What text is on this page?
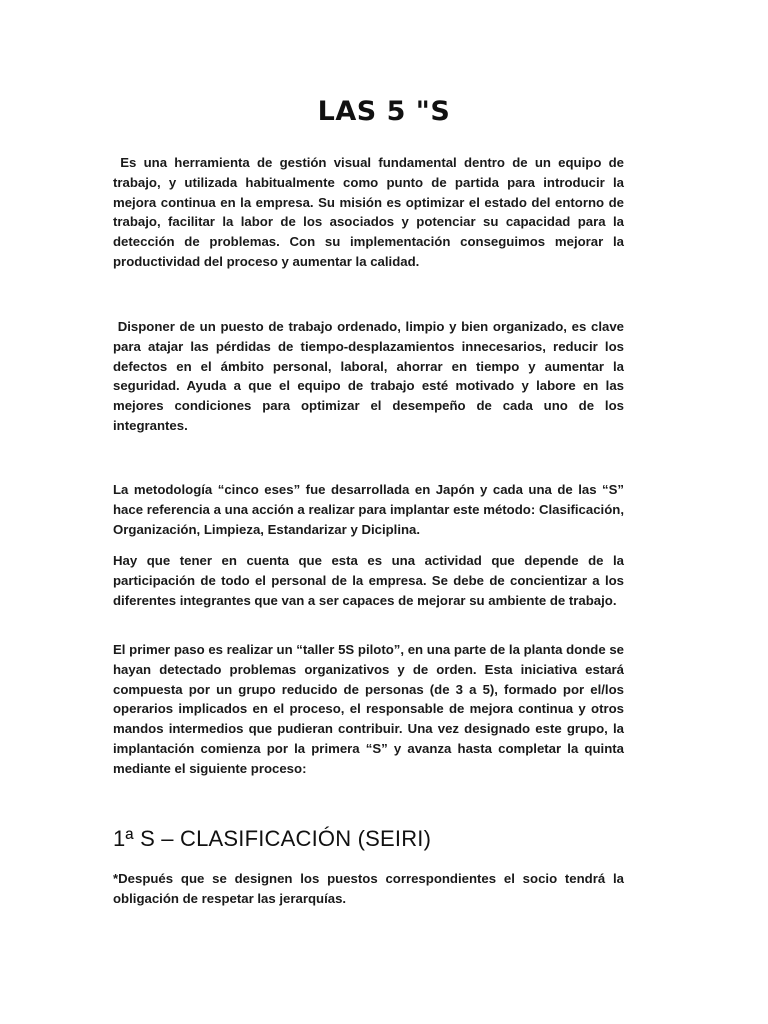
LAS 5 "S

Es una herramienta de gestión visual fundamental dentro de un equipo de trabajo, y utilizada habitualmente como punto de partida para introducir la mejora continua en la empresa. Su misión es optimizar el estado del entorno de trabajo, facilitar la labor de los asociados y potenciar su capacidad para la detección de problemas. Con su implementación conseguimos mejorar la productividad del proceso y aumentar la calidad.

Disponer de un puesto de trabajo ordenado, limpio y bien organizado, es clave para atajar las pérdidas de tiempo-desplazamientos innecesarios, reducir los defectos en el ámbito personal, laboral, ahorrar en tiempo y aumentar la seguridad. Ayuda a que el equipo de trabajo esté motivado y labore en las mejores condiciones para optimizar el desempeño de cada uno de los integrantes.

La metodología “cinco eses” fue desarrollada en Japón y cada una de las “S” hace referencia a una acción a realizar para implantar este método: Clasificación, Organización, Limpieza, Estandarizar y Diciplina.

Hay que tener en cuenta que esta es una actividad que depende de la participación de todo el personal de la empresa. Se debe de concientizar a los diferentes integrantes que van a ser capaces de mejorar su ambiente de trabajo.

El primer paso es realizar un “taller 5S piloto”, en una parte de la planta donde se hayan detectado problemas organizativos y de orden. Esta iniciativa estará compuesta por un grupo reducido de personas (de 3 a 5), formado por el/los operarios implicados en el proceso, el responsable de mejora continua y otros mandos intermedios que pudieran contribuir. Una vez designado este grupo, la implantación comienza por la primera “S” y avanza hasta completar la quinta mediante el siguiente proceso:

1ª S – CLASIFICACIÓN (SEIRI)

*Después que se designen los puestos correspondientes el socio tendrá la obligación de respetar las jerarquías.
